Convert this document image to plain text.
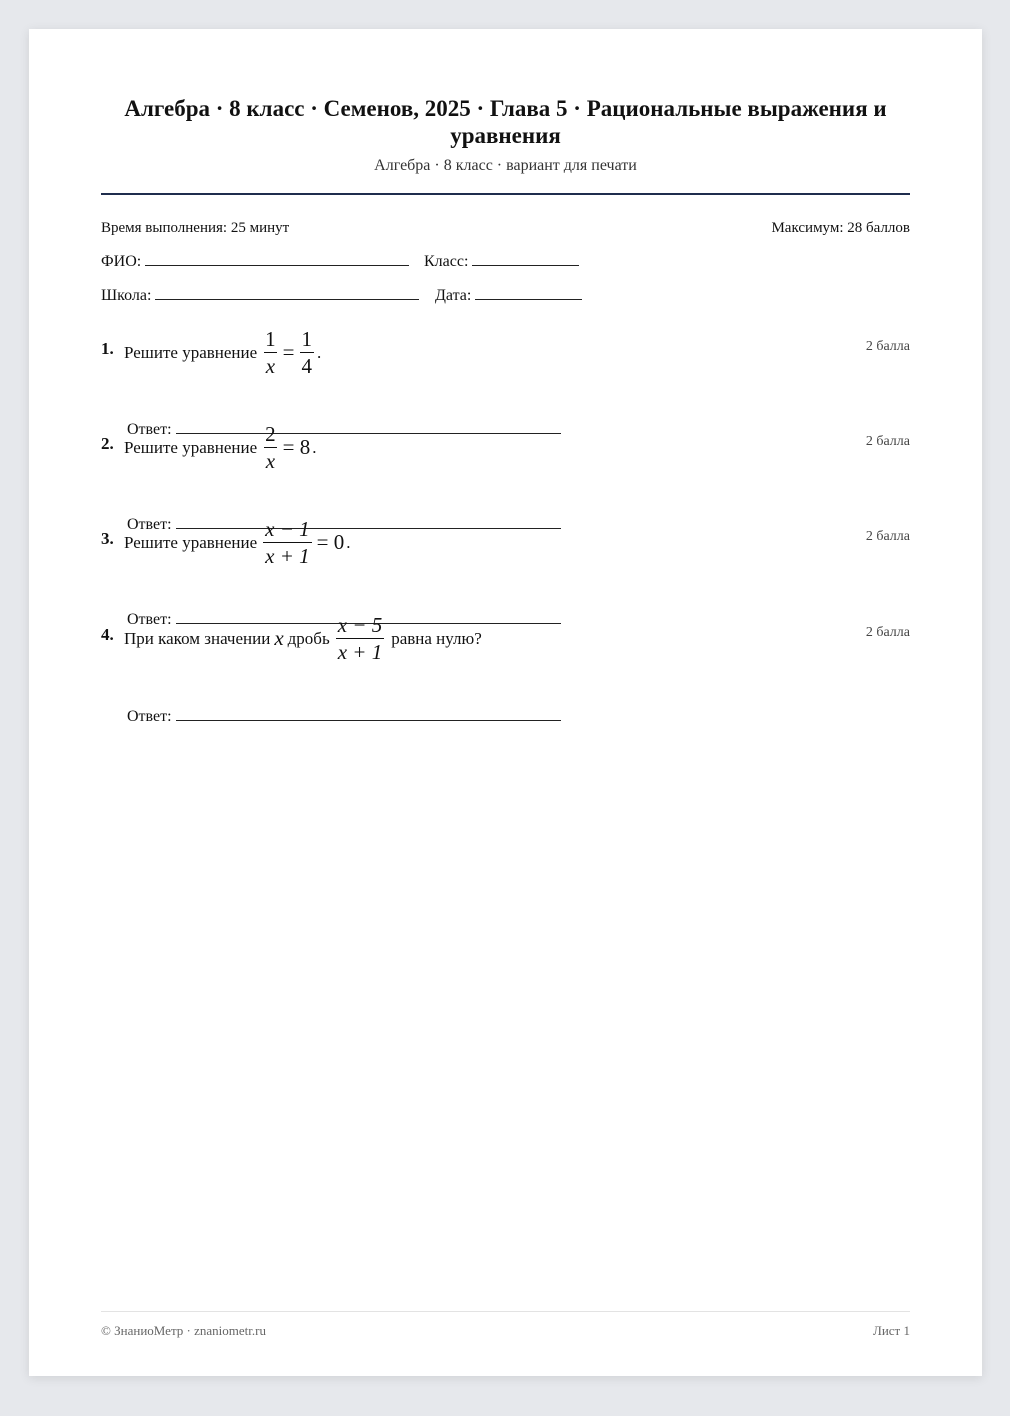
Алгебра · 8 класс · Семенов, 2025 · Глава 5 · Рациональные выражения и уравнения
Алгебра · 8 класс · вариант для печати
Время выполнения: 25 минут	Максимум: 28 баллов
ФИО:	Класс:
Школа:	Дата:
1. Решите уравнение $\frac{1}{x} = \frac{1}{4}$ .	2 балла
Ответ:
2. Решите уравнение $\frac{2}{x} = 8$ .	2 балла
Ответ:
3. Решите уравнение $\frac{x - 1}{x + 1} = 0$ .	2 балла
Ответ:
4. При каком значении x дробь $\frac{x - 5}{x + 1}$ равна нулю?	2 балла
Ответ:
© ЗнаниоМетр · znaniometr.ru	Лист 1
